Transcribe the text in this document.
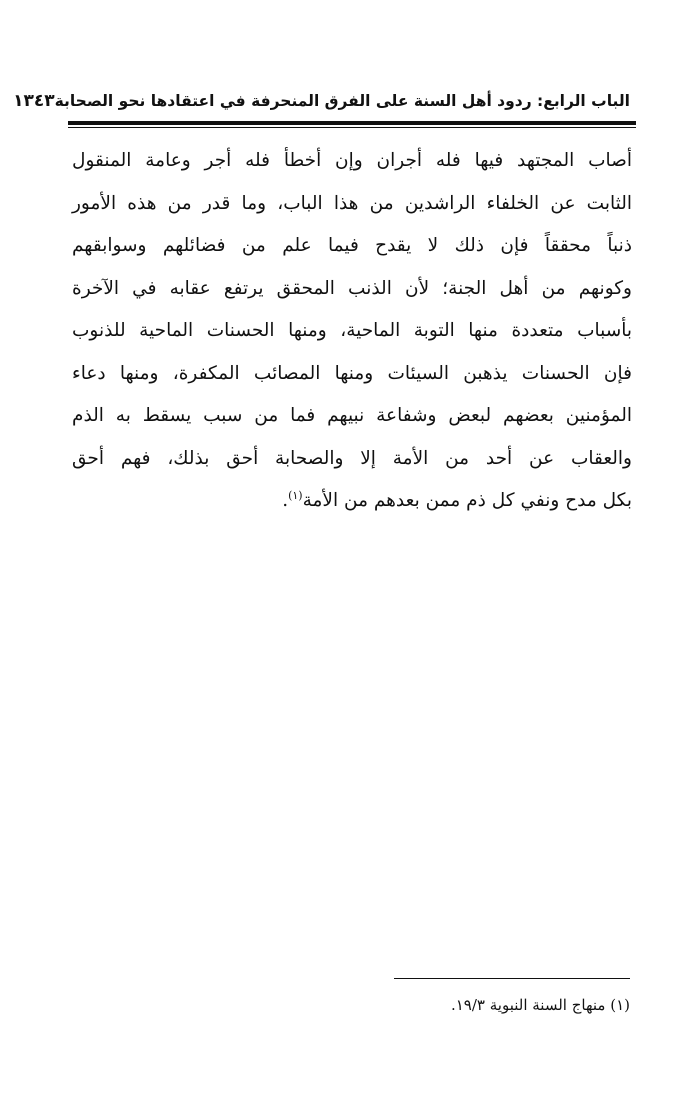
الباب الرابع: ردود أهل السنة على الفرق المنحرفة في اعتقادها نحو الصحابة
١٣٤٣
أصاب المجتهد فيها فله أجران وإن أخطأ فله أجر وعامة المنقول
الثابت عن الخلفاء الراشدين من هذا الباب، وما قدر من هذه الأمور
ذنباً محققاً فإن ذلك لا يقدح فيما علم من فضائلهم وسوابقهم
وكونهم من أهل الجنة؛ لأن الذنب المحقق يرتفع عقابه في الآخرة
بأسباب متعددة منها التوبة الماحية، ومنها الحسنات الماحية للذنوب
فإن الحسنات يذهبن السيئات ومنها المصائب المكفرة، ومنها دعاء
المؤمنين بعضهم لبعض وشفاعة نبيهم فما من سبب يسقط به الذم
والعقاب عن أحد من الأمة إلا والصحابة أحق بذلك، فهم أحق
بكل مدح ونفي كل ذم ممن بعدهم من الأمة$^{(١)}$.
(١) منهاج السنة النبوية ١٩/٣.
